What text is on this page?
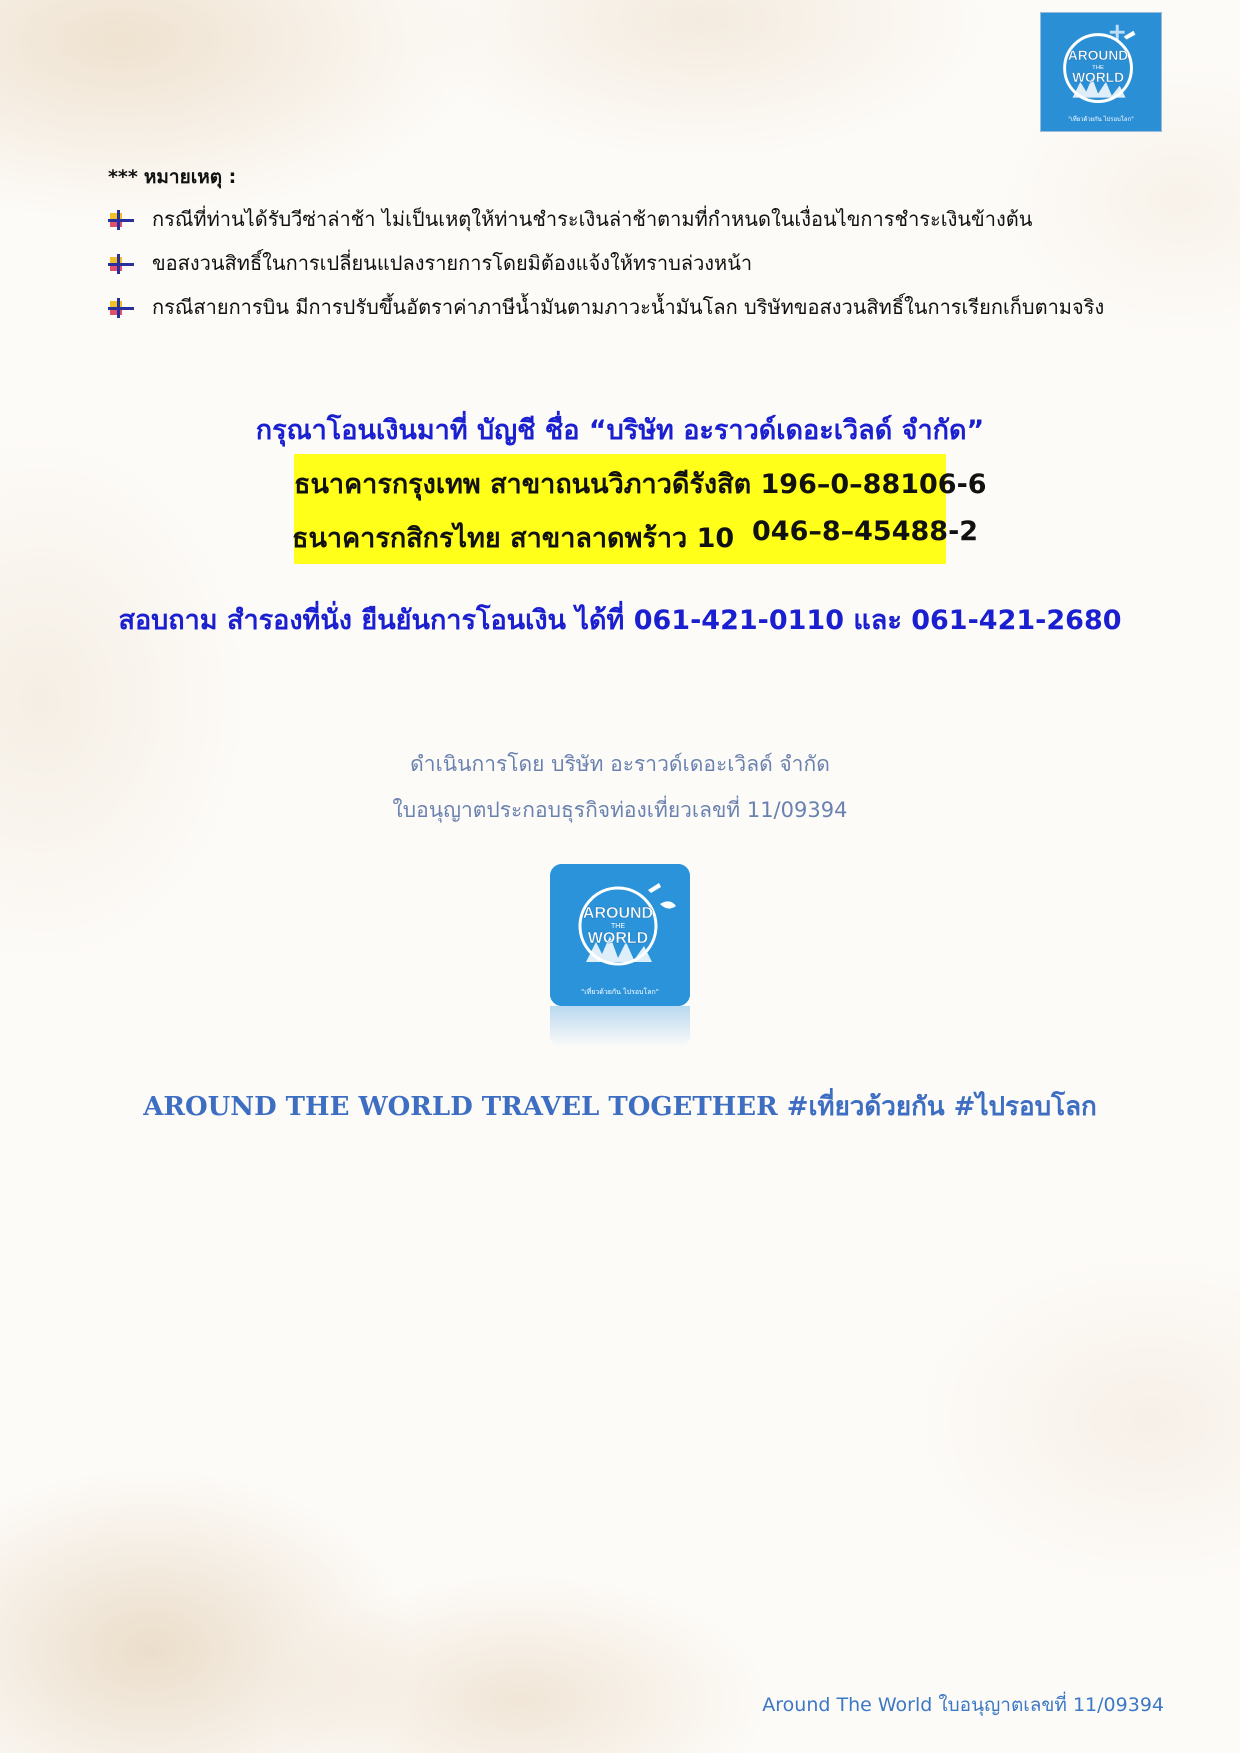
AROUND
THE
WORLD
"เที่ยวด้วยกัน ไปรอบโลก"
*** หมายเหตุ :
กรณีที่ท่านได้รับวีซ่าล่าช้า ไม่เป็นเหตุให้ท่านชำระเงินล่าช้าตามที่กำหนดในเงื่อนไขการชำระเงินข้างต้น
ขอสงวนสิทธิ์ในการเปลี่ยนแปลงรายการโดยมิต้องแจ้งให้ทราบล่วงหน้า
กรณีสายการบิน มีการปรับขึ้นอัตราค่าภาษีน้ำมันตามภาวะน้ำมันโลก บริษัทขอสงวนสิทธิ์ในการเรียกเก็บตามจริง
กรุณาโอนเงินมาที่ บัญชี ชื่อ “บริษัท อะราวด์เดอะเวิลด์ จำกัด”
ธนาคารกรุงเทพ สาขาถนนวิภาวดีรังสิต 196–0–88106-6
ธนาคารกสิกรไทย สาขาลาดพร้าว 10 046–8–45488-2
สอบถาม สำรองที่นั่ง ยืนยันการโอนเงิน ได้ที่ 061-421-0110 และ 061-421-2680
ดำเนินการโดย บริษัท อะราวด์เดอะเวิลด์ จำกัด
ใบอนุญาตประกอบธุรกิจท่องเที่ยวเลขที่ 11/09394
AROUND
THE
WORLD
"เที่ยวด้วยกัน ไปรอบโลก"
AROUND THE WORLD TRAVEL TOGETHER #เที่ยวด้วยกัน #ไปรอบโลก
Around The World ใบอนุญาตเลขที่ 11/09394
